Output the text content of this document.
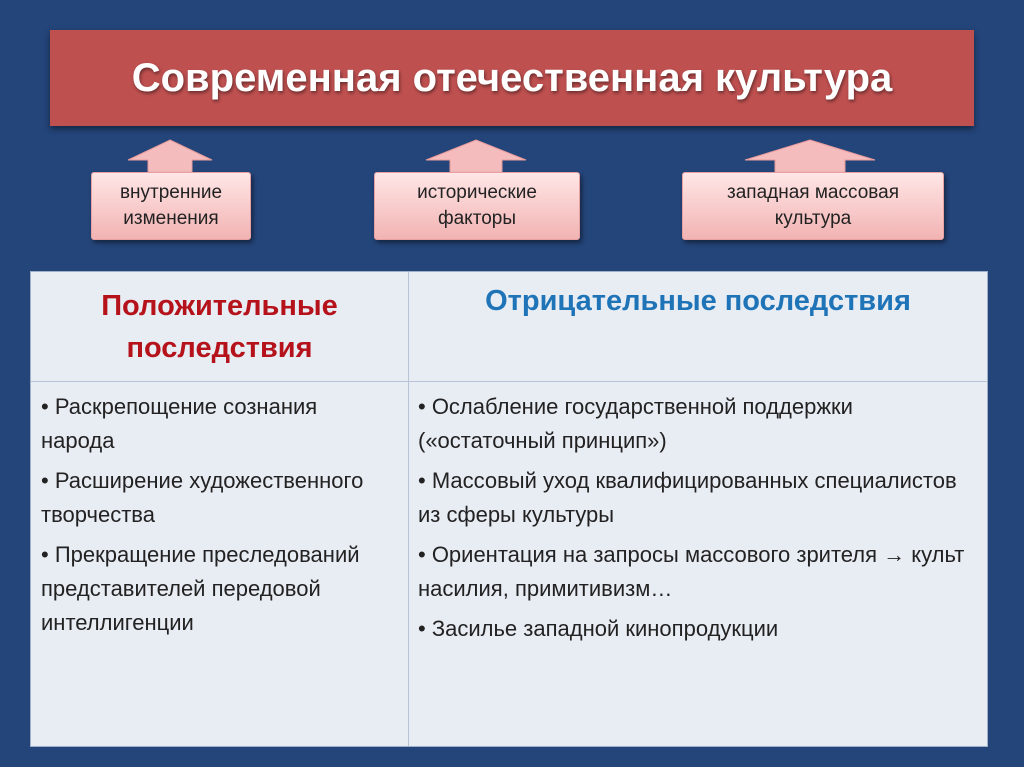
Современная отечественная культура
внутренние
изменения
исторические
факторы
западная массовая
культура
Положительные
последствия
Отрицательные последствия
• Раскрепощение сознания народа
• Расширение художественного творчества
• Прекращение преследований представителей передовой интеллигенции
• Ослабление государственной поддержки («остаточный принцип»)
• Массовый уход квалифицированных специалистов из сферы культуры
• Ориентация на запросы массового зрителя → культ насилия, примитивизм…
• Засилье западной кинопродукции
